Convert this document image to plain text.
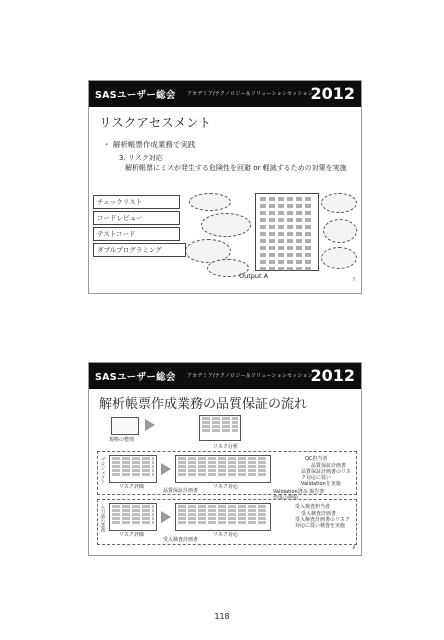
SASユーザー総会 アカデミア/テクノロジー＆ソリューションセッション
2012
リスクアセスメント
・ 解析帳票作成業務で実践
3. リスク対応
解析帳票にミスが発生する危険性を回避 or 軽減するための対策を実施
チェックリスト
コードレビュー
テストコード
ダブルプログラミング
Output A	7
SASユーザー総会 アカデミア/テクノロジー＆ソリューションセッション
2012
解析帳票作成業務の品質保証の流れ
規格の整理
リスク分析
プロジェクト
リスク評価
品質保証計画書
リスク対応
QC担当者
品質保証計画書
品質保証計画書のリスク対応に従いValidationを実施
Validation済み 報告書作成の開始
入力値の業務
リスク評価
受入検査計画書
リスク対応
受入検査担当者
受入検査計画書
受入検査計画書のリスク対応に従い検査を実施
8
118
